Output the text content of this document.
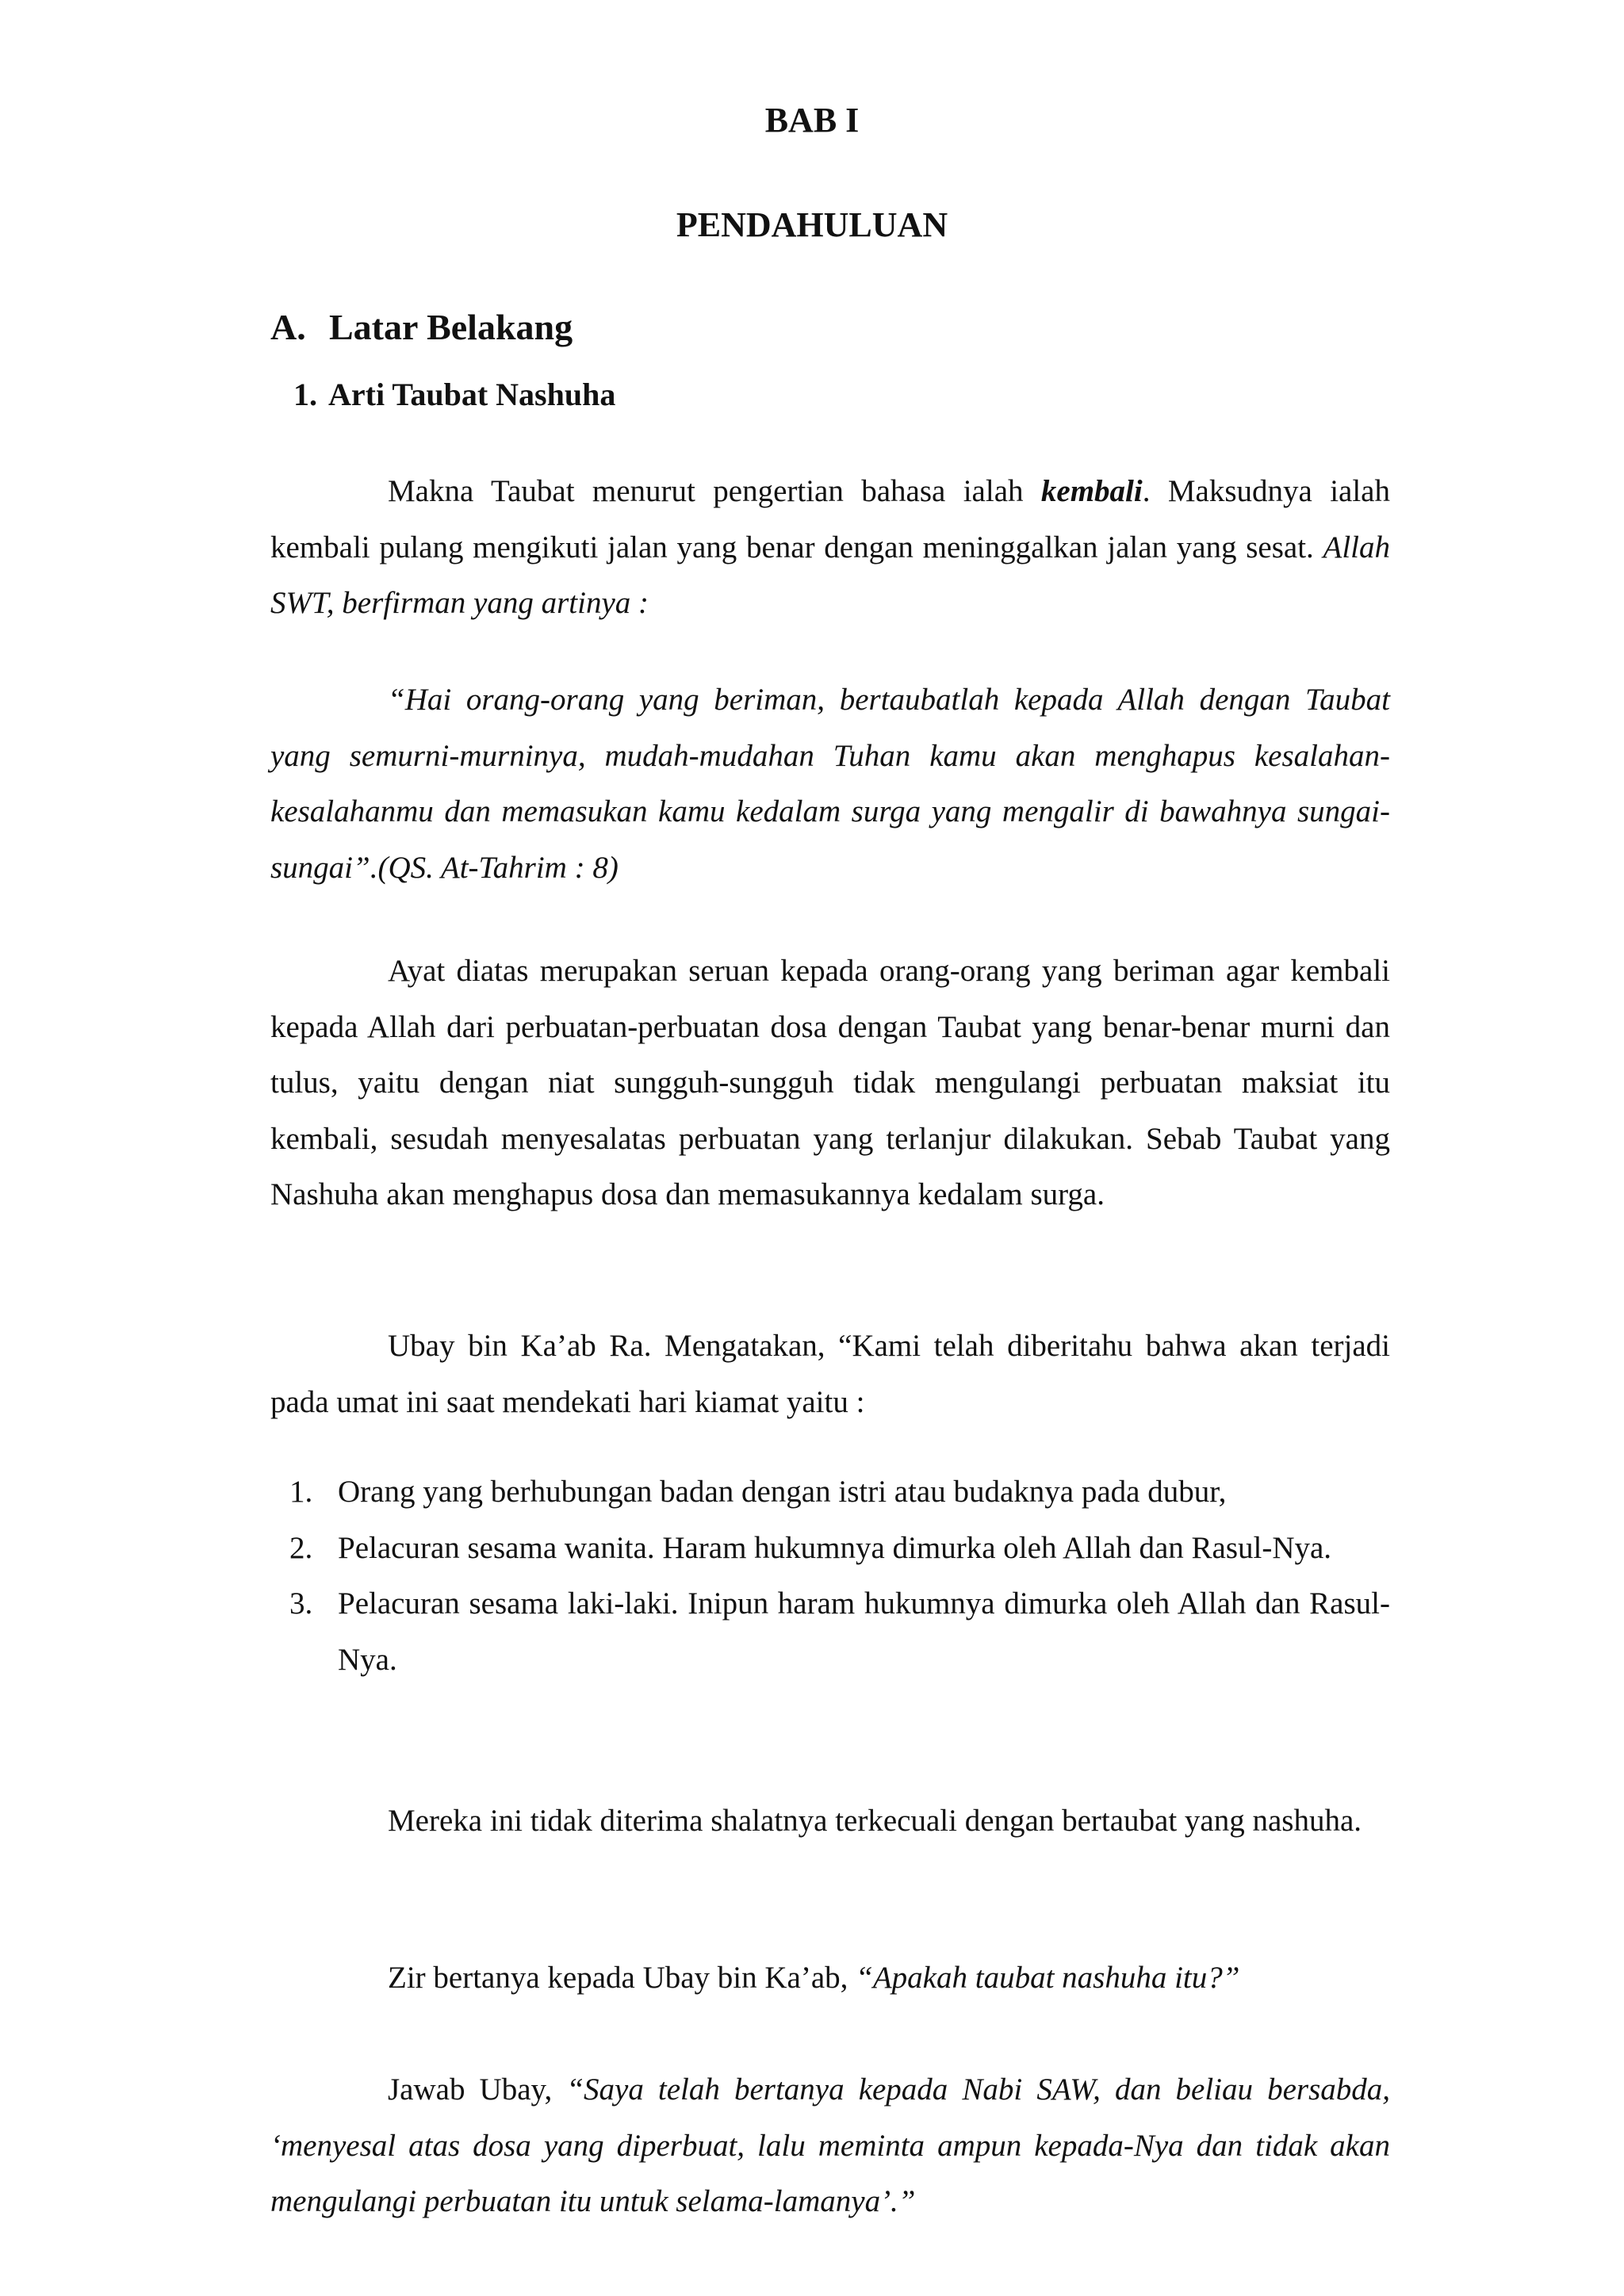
BAB I
PENDAHULUAN
A. Latar Belakang
1. Arti Taubat Nashuha

Makna Taubat menurut pengertian bahasa ialah kembali. Maksudnya ialah kembali pulang mengikuti jalan yang benar dengan meninggalkan jalan yang sesat. Allah SWT, berfirman yang artinya :

“Hai orang-orang yang beriman, bertaubatlah kepada Allah dengan Taubat yang semurni-murninya, mudah-mudahan Tuhan kamu akan menghapus kesalahan-kesalahanmu dan memasukan kamu kedalam surga yang mengalir di bawahnya sungai-sungai”.(QS. At-Tahrim : 8)

Ayat diatas merupakan seruan kepada orang-orang yang beriman agar kembali kepada Allah dari perbuatan-perbuatan dosa dengan Taubat yang benar-benar murni dan tulus, yaitu dengan niat sungguh-sungguh tidak mengulangi perbuatan maksiat itu kembali, sesudah menyesalatas perbuatan yang terlanjur dilakukan. Sebab Taubat yang Nashuha akan menghapus dosa dan memasukannya kedalam surga.

Ubay bin Ka’ab Ra. Mengatakan, “Kami telah diberitahu bahwa akan terjadi pada umat ini saat mendekati hari kiamat yaitu :

1. Orang yang berhubungan badan dengan istri atau budaknya pada dubur,
2. Pelacuran sesama wanita. Haram hukumnya dimurka oleh Allah dan Rasul-Nya.
3. Pelacuran sesama laki-laki. Inipun haram hukumnya dimurka oleh Allah dan Rasul-Nya.

Mereka ini tidak diterima shalatnya terkecuali dengan bertaubat yang nashuha.

Zir bertanya kepada Ubay bin Ka’ab, “Apakah taubat nashuha itu?”

Jawab Ubay, “Saya telah bertanya kepada Nabi SAW, dan beliau bersabda, ‘menyesal atas dosa yang diperbuat, lalu meminta ampun kepada-Nya dan tidak akan mengulangi perbuatan itu untuk selama-lamanya’.”
